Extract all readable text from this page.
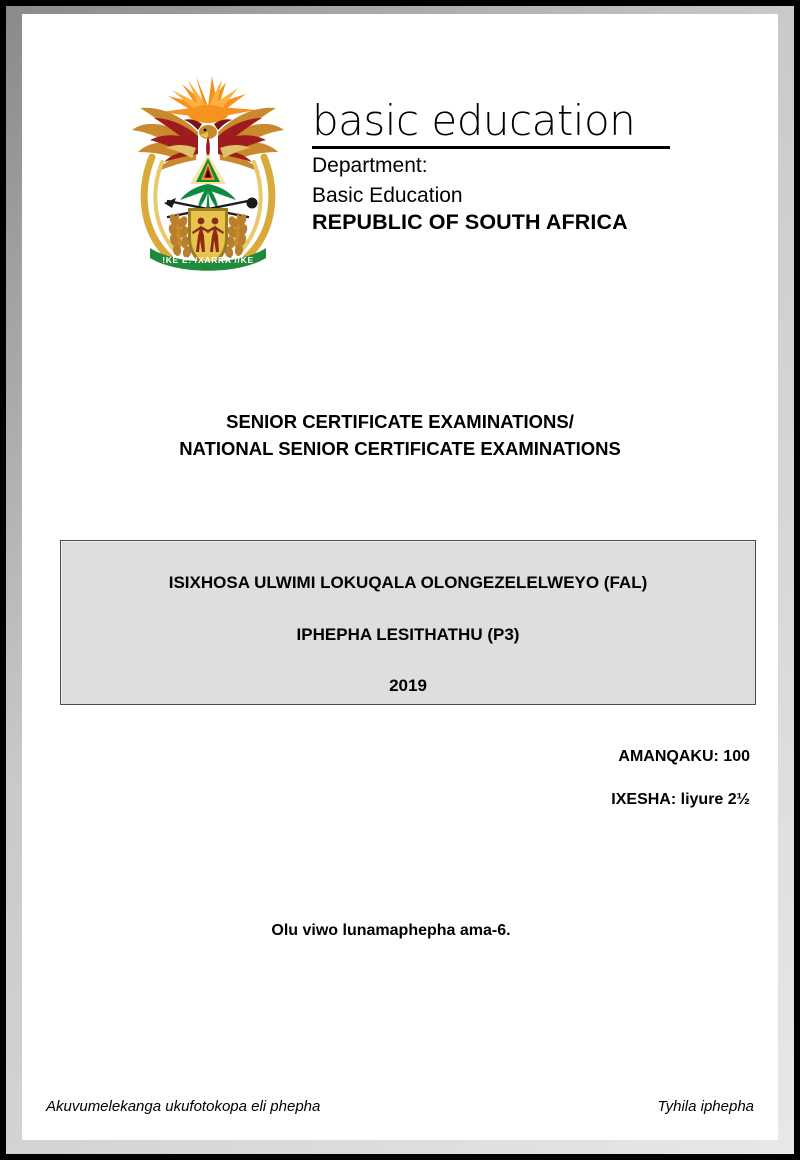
!KE E: /XARRA //KE
basic education
Department:
Basic Education
REPUBLIC OF SOUTH AFRICA
SENIOR CERTIFICATE EXAMINATIONS/
NATIONAL SENIOR CERTIFICATE EXAMINATIONS
ISIXHOSA ULWIMI LOKUQALA OLONGEZELELWEYO (FAL)
IPHEPHA LESITHATHU (P3)
2019
AMANQAKU: 100
IXESHA: liyure 2½
Olu viwo lunamaphepha ama-6.
Akuvumelekanga ukufotokopa eli phepha	Tyhila iphepha
